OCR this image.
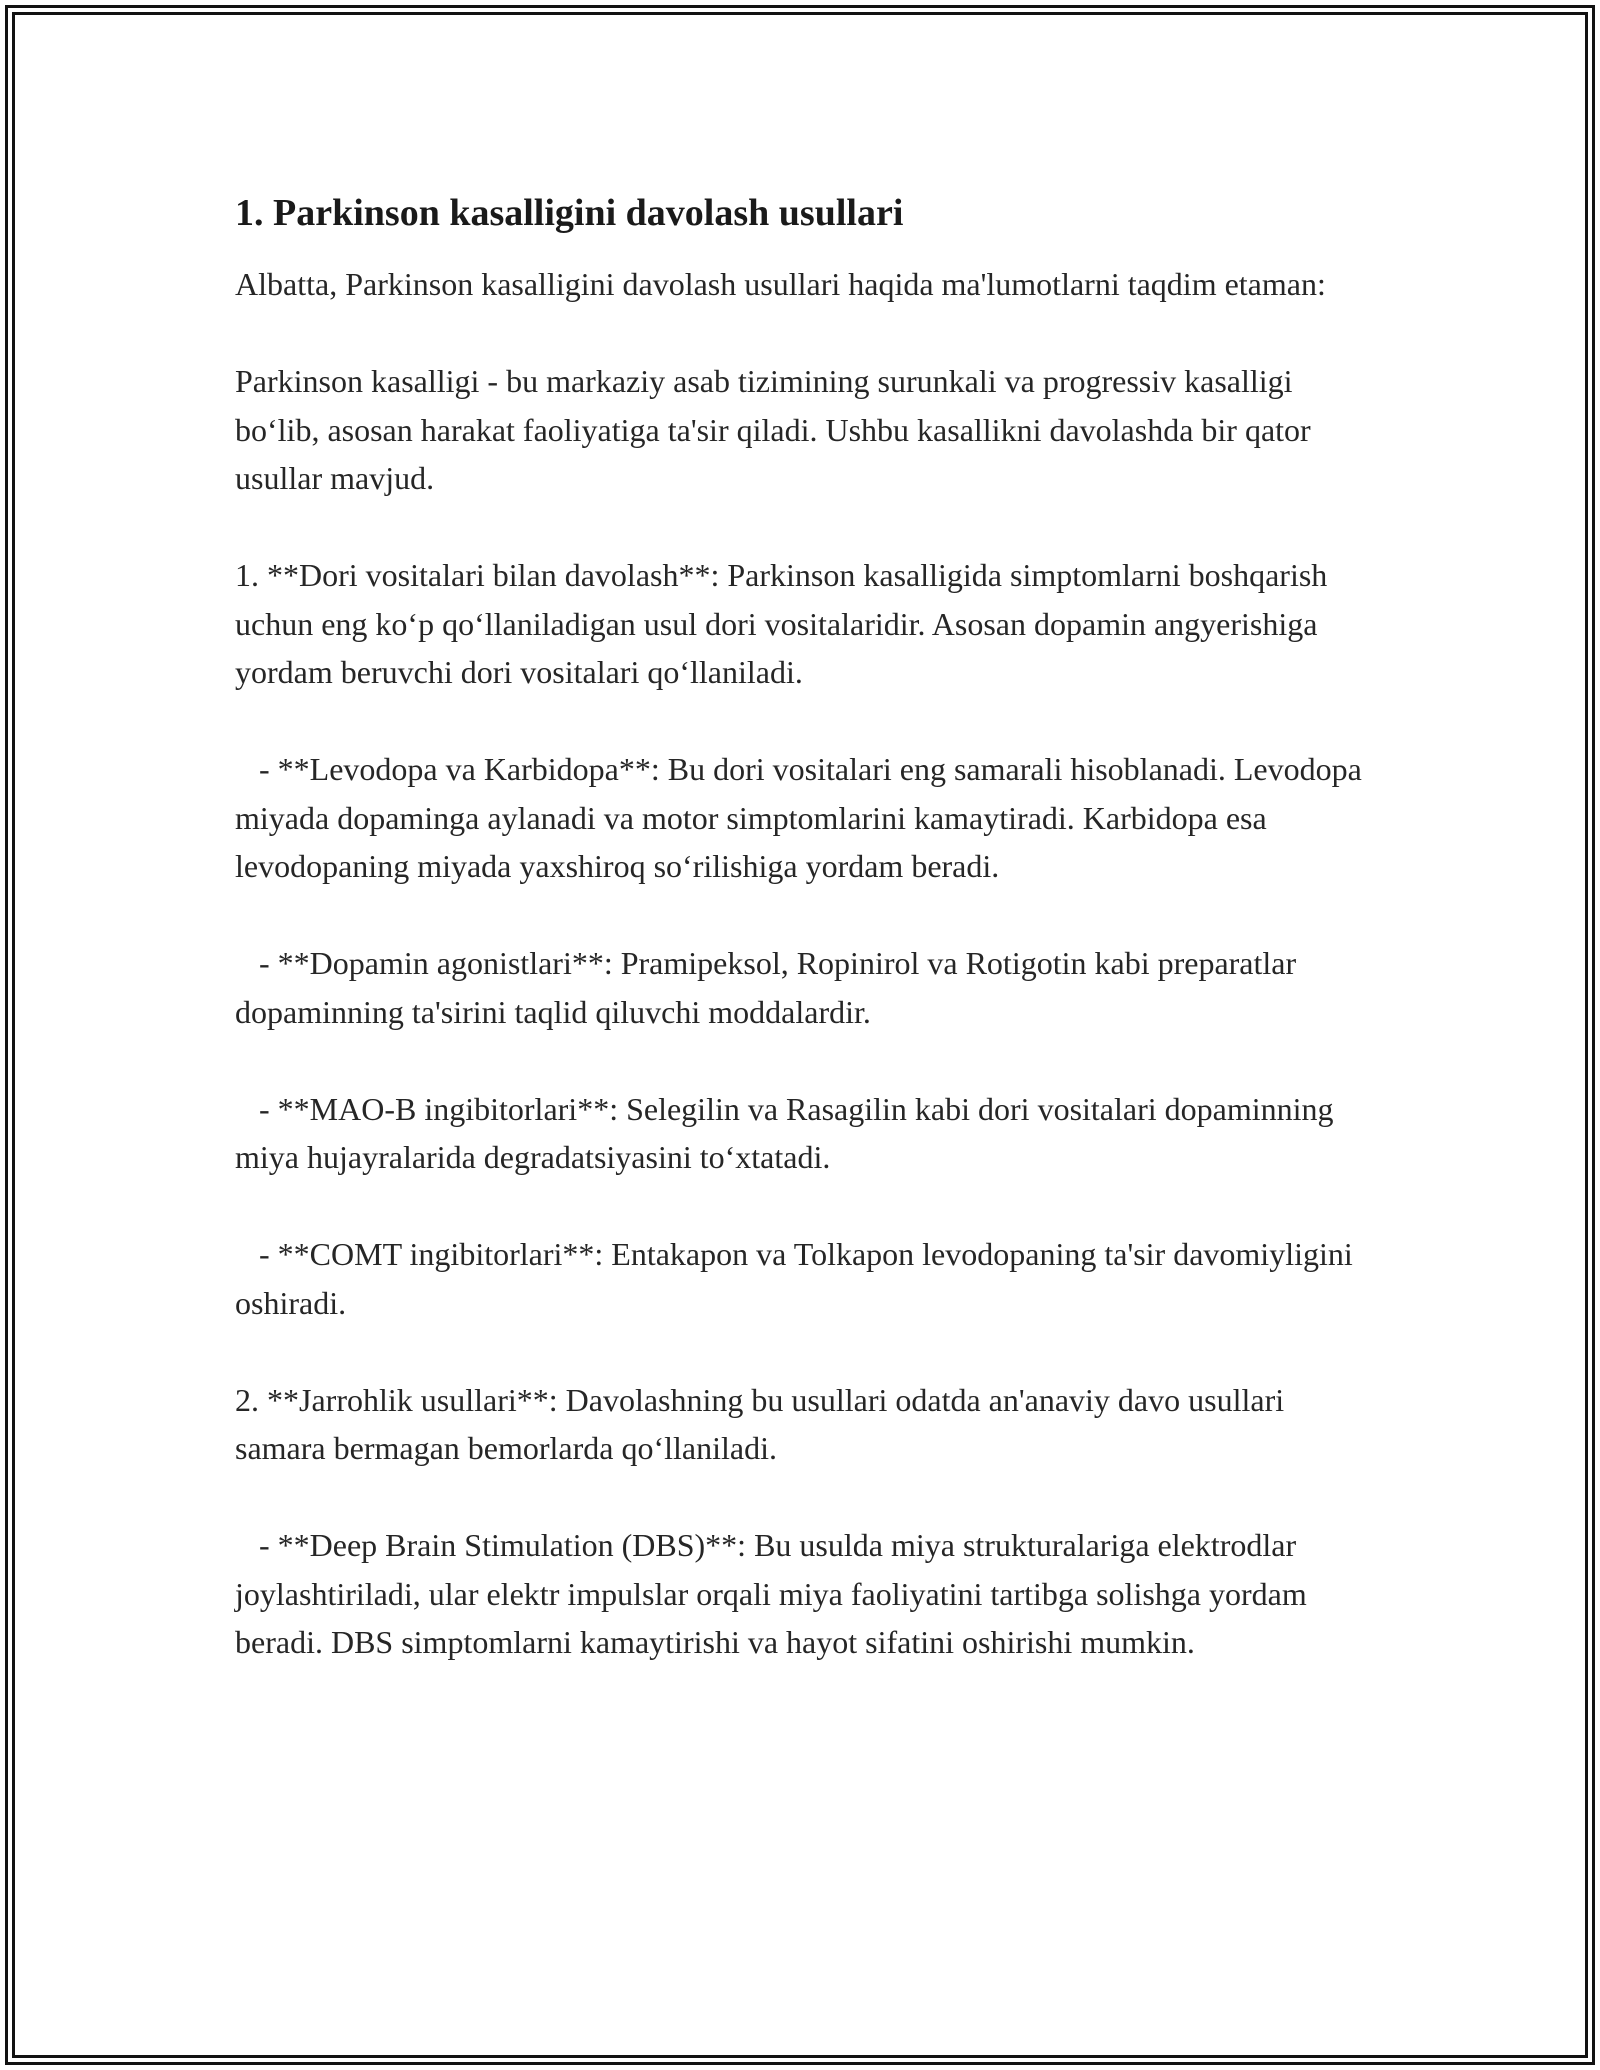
1. Parkinson kasalligini davolash usullari

Albatta, Parkinson kasalligini davolash usullari haqida ma'lumotlarni taqdim etaman:

Parkinson kasalligi - bu markaziy asab tizimining surunkali va progressiv kasalligi bo‘lib, asosan harakat faoliyatiga ta'sir qiladi. Ushbu kasallikni davolashda bir qator usullar mavjud.

1. **Dori vositalari bilan davolash**: Parkinson kasalligida simptomlarni boshqarish uchun eng ko‘p qo‘llaniladigan usul dori vositalaridir. Asosan dopamin angyerishiga yordam beruvchi dori vositalari qo‘llaniladi.

- **Levodopa va Karbidopa**: Bu dori vositalari eng samarali hisoblanadi. Levodopa miyada dopaminga aylanadi va motor simptomlarini kamaytiradi. Karbidopa esa levodopaning miyada yaxshiroq so‘rilishiga yordam beradi.

- **Dopamin agonistlari**: Pramipeksol, Ropinirol va Rotigotin kabi preparatlar dopaminning ta'sirini taqlid qiluvchi moddalardir.

- **MAO-B ingibitorlari**: Selegilin va Rasagilin kabi dori vositalari dopaminning miya hujayralarida degradatsiyasini to‘xtatadi.

- **COMT ingibitorlari**: Entakapon va Tolkapon levodopaning ta'sir davomiyligini oshiradi.

2. **Jarrohlik usullari**: Davolashning bu usullari odatda an'anaviy davo usullari samara bermagan bemorlarda qo‘llaniladi.

- **Deep Brain Stimulation (DBS)**: Bu usulda miya strukturalariga elektrodlar joylashtiriladi, ular elektr impulslar orqali miya faoliyatini tartibga solishga yordam beradi. DBS simptomlarni kamaytirishi va hayot sifatini oshirishi mumkin.
